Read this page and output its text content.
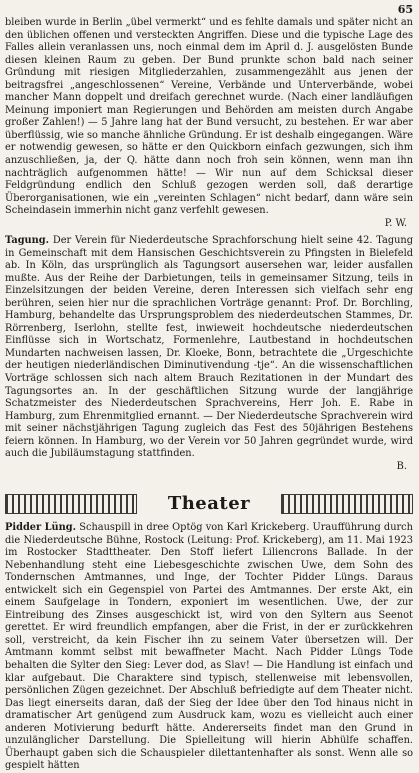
65

bleiben wurde in Berlin „übel vermerkt“ und es fehlte damals und später nicht an den üblichen offenen und versteckten Angriffen. Diese und die typische Lage des Falles allein veranlassen uns, noch einmal dem im April d. J. ausgelösten Bunde diesen kleinen Raum zu geben. Der Bund prunkte schon bald nach seiner Gründung mit riesigen Mitgliederzahlen, zusammengezählt aus jenen der beitragsfrei „angeschlossenen“ Vereine, Verbände und Unterverbände, wobei mancher Mann doppelt und dreifach gerechnet wurde. (Nach einer landläufigen Meinung imponiert man Regierungen und Behörden am meisten durch Angabe großer Zahlen!) — 5 Jahre lang hat der Bund versucht, zu bestehen. Er war aber überflüssig, wie so manche ähnliche Gründung. Er ist deshalb eingegangen. Wäre er notwendig gewesen, so hätte er den Quickborn einfach gezwungen, sich ihm anzuschließen, ja, der Q. hätte dann noch froh sein können, wenn man ihn nachträglich aufgenommen hätte! — Wir nun auf dem Schicksal dieser Feldgründung endlich den Schluß gezogen werden soll, daß derartige Überorganisationen, wie ein „vereinten Schlagen“ nicht bedarf, dann wäre sein Scheindasein immerhin nicht ganz verfehlt gewesen.

P. W.

Tagung. Der Verein für Niederdeutsche Sprachforschung hielt seine 42. Tagung in Gemeinschaft mit dem Hansischen Geschichtsverein zu Pfingsten in Bielefeld ab. In Köln, das ursprünglich als Tagungsort ausersehen war, leider ausfallen mußte. Aus der Reihe der Darbietungen, teils in gemeinsamer Sitzung, teils in Einzelsitzungen der beiden Vereine, deren Interessen sich vielfach sehr eng berühren, seien hier nur die sprachlichen Vorträge genannt: Prof. Dr. Borchling, Hamburg, behandelte das Ursprungsproblem des niederdeutschen Stammes, Dr. Rörrenberg, Iserlohn, stellte fest, inwieweit hochdeutsche niederdeutschen Einflüsse sich in Wortschatz, Formenlehre, Lautbestand in hochdeutschen Mundarten nachweisen lassen, Dr. Kloeke, Bonn, betrachtete die „Urgeschichte der heutigen niederländischen Diminutivendung -tje“. An die wissenschaftlichen Vorträge schlossen sich nach altem Brauch Rezitationen in der Mundart des Tagungsortes an. In der geschäftlichen Sitzung wurde der langjährige Schatzmeister des Niederdeutschen Sprachvereins, Herr Joh. E. Rabe in Hamburg, zum Ehrenmitglied ernannt. — Der Niederdeutsche Sprachverein wird mit seiner nächstjährigen Tagung zugleich das Fest des 50jährigen Bestehens feiern können. In Hamburg, wo der Verein vor 50 Jahren gegründet wurde, wird auch die Jubiläumstagung stattfinden.

B.
Theater

Pidder Lüng. Schauspill in dree Optög von Karl Krickeberg. Uraufführung durch die Niederdeutsche Bühne, Rostock (Leitung: Prof. Krickeberg), am 11. Mai 1923 im Rostocker Stadttheater. Den Stoff liefert Liliencrons Ballade. In der Nebenhandlung steht eine Liebesgeschichte zwischen Uwe, dem Sohn des Tondernschen Amtmannes, und Inge, der Tochter Pidder Lüngs. Daraus entwickelt sich ein Gegenspiel von Partei des Amtmannes. Der erste Akt, ein einem Saufgelage in Tondern, exponiert im wesentlichen. Uwe, der zur Eintreibung des Zinses ausgeschickt ist, wird von den Syltern aus Seenot gerettet. Er wird freundlich empfangen, aber die Frist, in der er zurückkehren soll, verstreicht, da kein Fischer ihn zu seinem Vater übersetzen will. Der Amtmann kommt selbst mit bewaffneter Macht. Nach Pidder Lüngs Tode behalten die Sylter den Sieg: Lever dod, as Slav! — Die Handlung ist einfach und klar aufgebaut. Die Charaktere sind typisch, stellenweise mit lebensvollen, persönlichen Zügen gezeichnet. Der Abschluß befriedigte auf dem Theater nicht. Das liegt einerseits daran, daß der Sieg der Idee über den Tod hinaus nicht in dramatischer Art genügend zum Ausdruck kam, wozu es vielleicht auch einer anderen Motivierung bedurft hätte. Andererseits findet man den Grund in unzulänglicher Darstellung. Die Spielleitung will hierin Abhülfe schaffen. Überhaupt gaben sich die Schauspieler dilettantenhafter als sonst. Wenn alle so gespielt hätten
